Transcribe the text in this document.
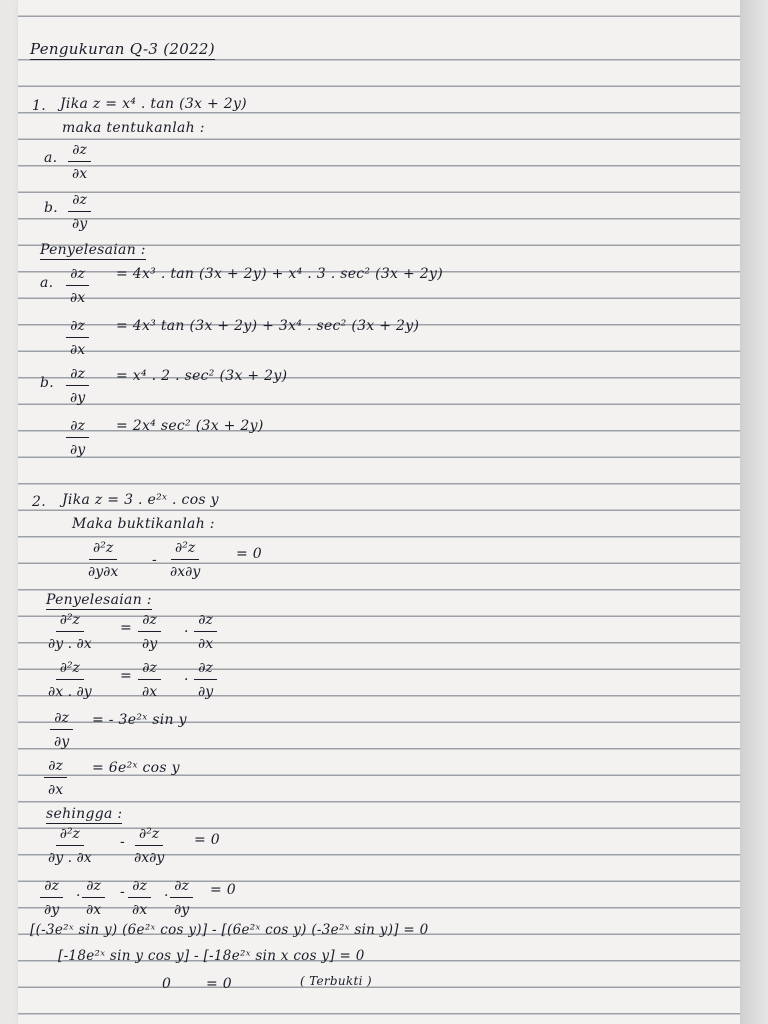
Pengukuran Q-3 (2022)
1. Jika z = x⁴ . tan (3x + 2y)
maka tentukanlah :
a. $\frac{\partial z}{\partial x}$
b. $\frac{\partial z}{\partial y}$
Penyelesaian :
a. $\frac{\partial z}{\partial x} = 4x^3$ . tan (3x + 2y) + x⁴ . 3 . sec² (3x + 2y)
$\frac{\partial z}{\partial x} = 4x^3$ tan (3x + 2y) + 3x⁴ . sec² (3x + 2y)
b. $\frac{\partial z}{\partial y} = x^4$ . 2 . sec² (3x + 2y)
$\frac{\partial z}{\partial y} = 2x^4$ sec² (3x + 2y)
2. Jika z = 3 . e²ˣ . cos y
Maka buktikanlah :
$\frac{\text{∂²z}}{\partial y\partial x} - \frac{\text{∂²z}}{\partial x\partial y} = 0$
Penyelesaian :
$\frac{\text{∂²z}}{\partial y . \partial x} = \frac{\partial z}{\partial y}$ . $\frac{\partial z}{\partial x}$
$\frac{\text{∂²z}}{\partial x . \partial y} = \frac{\partial z}{\partial x}$ . $\frac{\partial z}{\partial y}$
$\frac{\partial z}{\partial y}$ = - 3e²ˣ sin y
$\frac{\partial z}{\partial x}$ = 6e²ˣ cos y
sehingga :
$\frac{\text{∂²z}}{\partial y . \partial x} - \frac{\text{∂²z}}{\partial x\partial y} = 0$
$\frac{\partial z}{\partial y}$ . $\frac{\partial z}{\partial x} - \frac{\partial z}{\partial x}$ . $\frac{\partial z}{\partial y} = 0$
[(-3e²ˣ sin y) (6e²ˣ cos y)] - [(6e²ˣ cos y) (-3e²ˣ sin y)] = 0
[-18e²ˣ sin y cos y] - [-18e²ˣ sin x cos y] = 0
0 = 0	( Terbukti )
